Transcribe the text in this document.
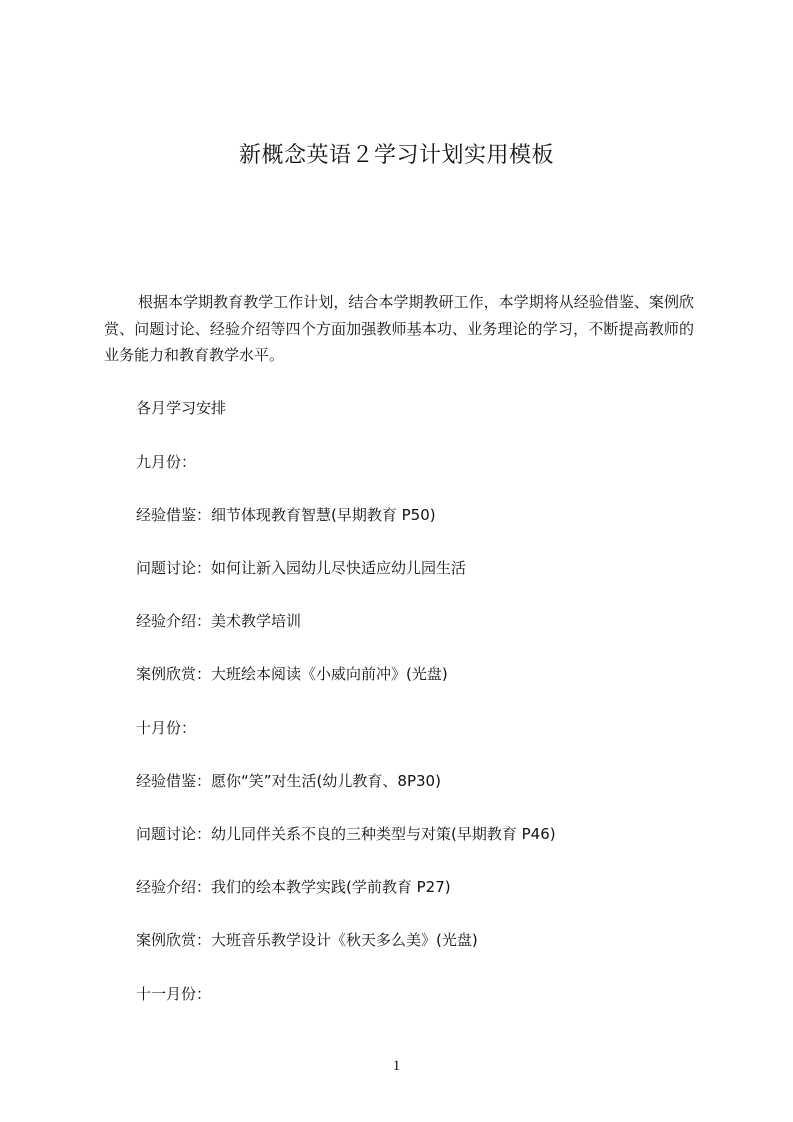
新概念英语２学习计划实用模板

根据本学期教育教学工作计划，结合本学期教研工作，本学期将从经验借鉴、案例欣赏、问题讨论、经验介绍等四个方面加强教师基本功、业务理论的学习，不断提高教师的业务能力和教育教学水平。

各月学习安排

九月份：

经验借鉴：细节体现教育智慧(早期教育 P50)

问题讨论：如何让新入园幼儿尽快适应幼儿园生活

经验介绍：美术教学培训

案例欣赏：大班绘本阅读《小威向前冲》(光盘)

十月份：

经验借鉴：愿你“笑”对生活(幼儿教育、8P30)

问题讨论：幼儿同伴关系不良的三种类型与对策(早期教育 P46)

经验介绍：我们的绘本教学实践(学前教育 P27)

案例欣赏：大班音乐教学设计《秋天多么美》(光盘)

十一月份：

1
